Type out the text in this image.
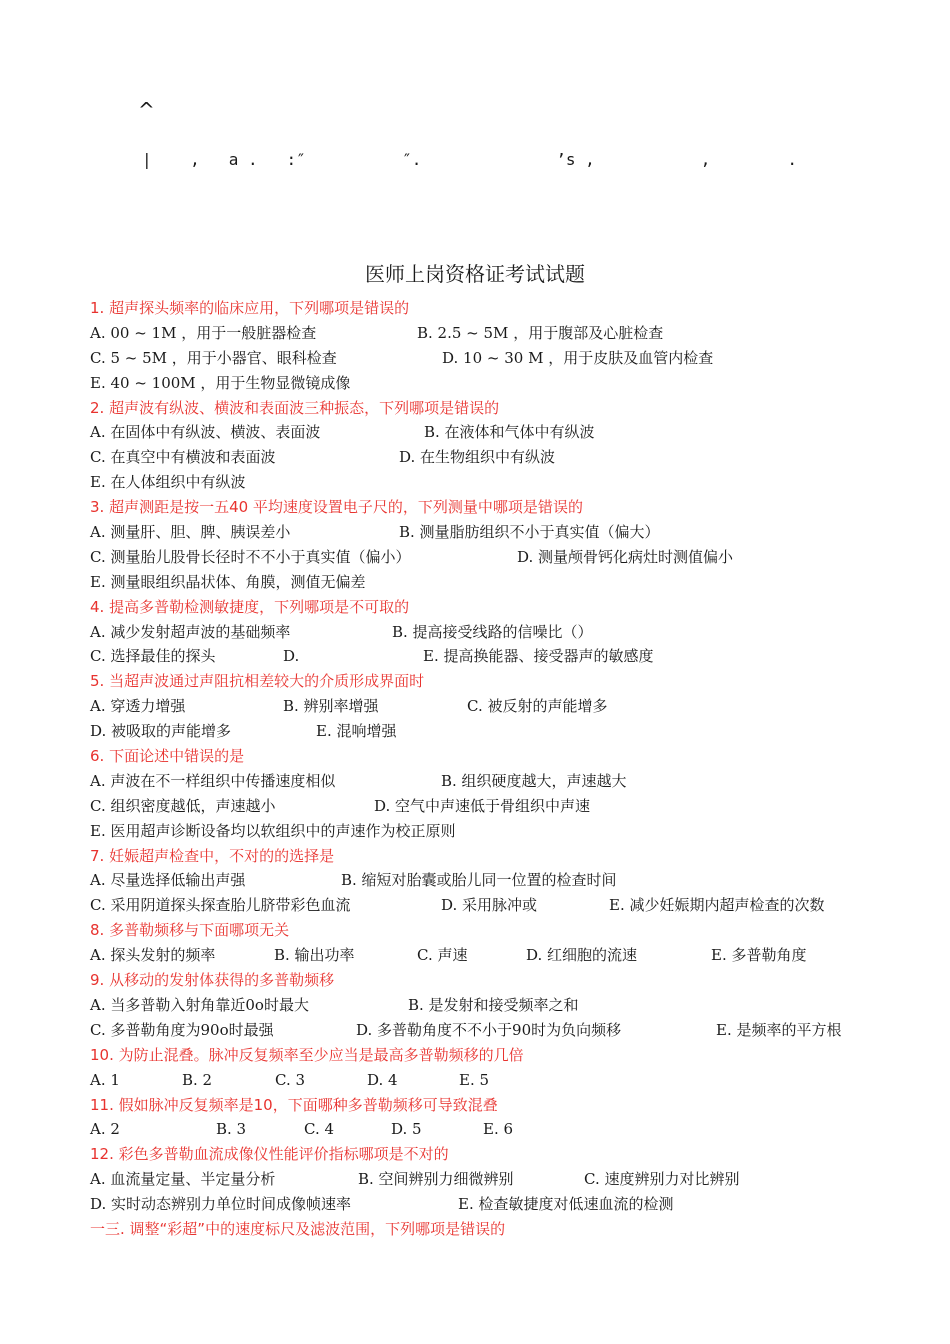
^
|    ,   a .   :″          ″.              ’s ,           ,        .
医师上岗资格证考试试题
1. 超声探头频率的临床应用，下列哪项是错误的
A. 00 ~ 1M ，用于一般脏器检查	B. 2.5 ~ 5M ，用于腹部及心脏检查
C. 5 ~ 5M ，用于小器官、眼科检查	D. 10 ~ 30 M ，用于皮肤及血管内检查
E. 40 ~ 100M ，用于生物显微镜成像
2. 超声波有纵波、横波和表面波三种振态，下列哪项是错误的
A. 在固体中有纵波、横波、表面波	B. 在液体和气体中有纵波
C. 在真空中有横波和表面波	D. 在生物组织中有纵波
E. 在人体组织中有纵波
3. 超声测距是按一五40 平均速度设置电子尺的，下列测量中哪项是错误的
A. 测量肝、胆、脾、胰误差小	B. 测量脂肪组织不小于真实值（偏大）
C. 测量胎儿股骨长径时不不小于真实值（偏小）	D. 测量颅骨钙化病灶时测值偏小
E. 测量眼组织晶状体、角膜，测值无偏差
4. 提高多普勒检测敏捷度，下列哪项是不可取的
A. 减少发射超声波的基础频率	B. 提高接受线路的信噪比（）
C. 选择最佳的探头	D.	E. 提高换能器、接受器声的敏感度
5. 当超声波通过声阻抗相差较大的介质形成界面时
A. 穿透力增强	B. 辨别率增强	C. 被反射的声能增多
D. 被吸取的声能增多	E. 混响增强
6. 下面论述中错误的是
A. 声波在不一样组织中传播速度相似	B. 组织硬度越大，声速越大
C. 组织密度越低，声速越小	D. 空气中声速低于骨组织中声速
E. 医用超声诊断设备均以软组织中的声速作为校正原则
7. 妊娠超声检查中，不对的的选择是
A. 尽量选择低输出声强	B. 缩短对胎囊或胎儿同一位置的检查时间
C. 采用阴道探头探查胎儿脐带彩色血流	D. 采用脉冲或	E. 减少妊娠期内超声检查的次数
8. 多普勒频移与下面哪项无关
A. 探头发射的频率	B. 输出功率	C. 声速	D. 红细胞的流速	E. 多普勒角度
9. 从移动的发射体获得的多普勒频移
A. 当多普勒入射角靠近0o时最大	B. 是发射和接受频率之和
C. 多普勒角度为90o时最强	D. 多普勒角度不不小于90时为负向频移	E. 是频率的平方根
10. 为防止混叠。脉冲反复频率至少应当是最高多普勒频移的几倍
A. 1	B. 2	C. 3	D. 4	E. 5
11. 假如脉冲反复频率是10，下面哪种多普勒频移可导致混叠
A. 2	B. 3	C. 4	D. 5	E. 6
12. 彩色多普勒血流成像仪性能评价指标哪项是不对的
A. 血流量定量、半定量分析	B. 空间辨别力细微辨别	C. 速度辨别力对比辨别
D. 实时动态辨别力单位时间成像帧速率	E. 检查敏捷度对低速血流的检测
一三. 调整“彩超”中的速度标尺及滤波范围，下列哪项是错误的
